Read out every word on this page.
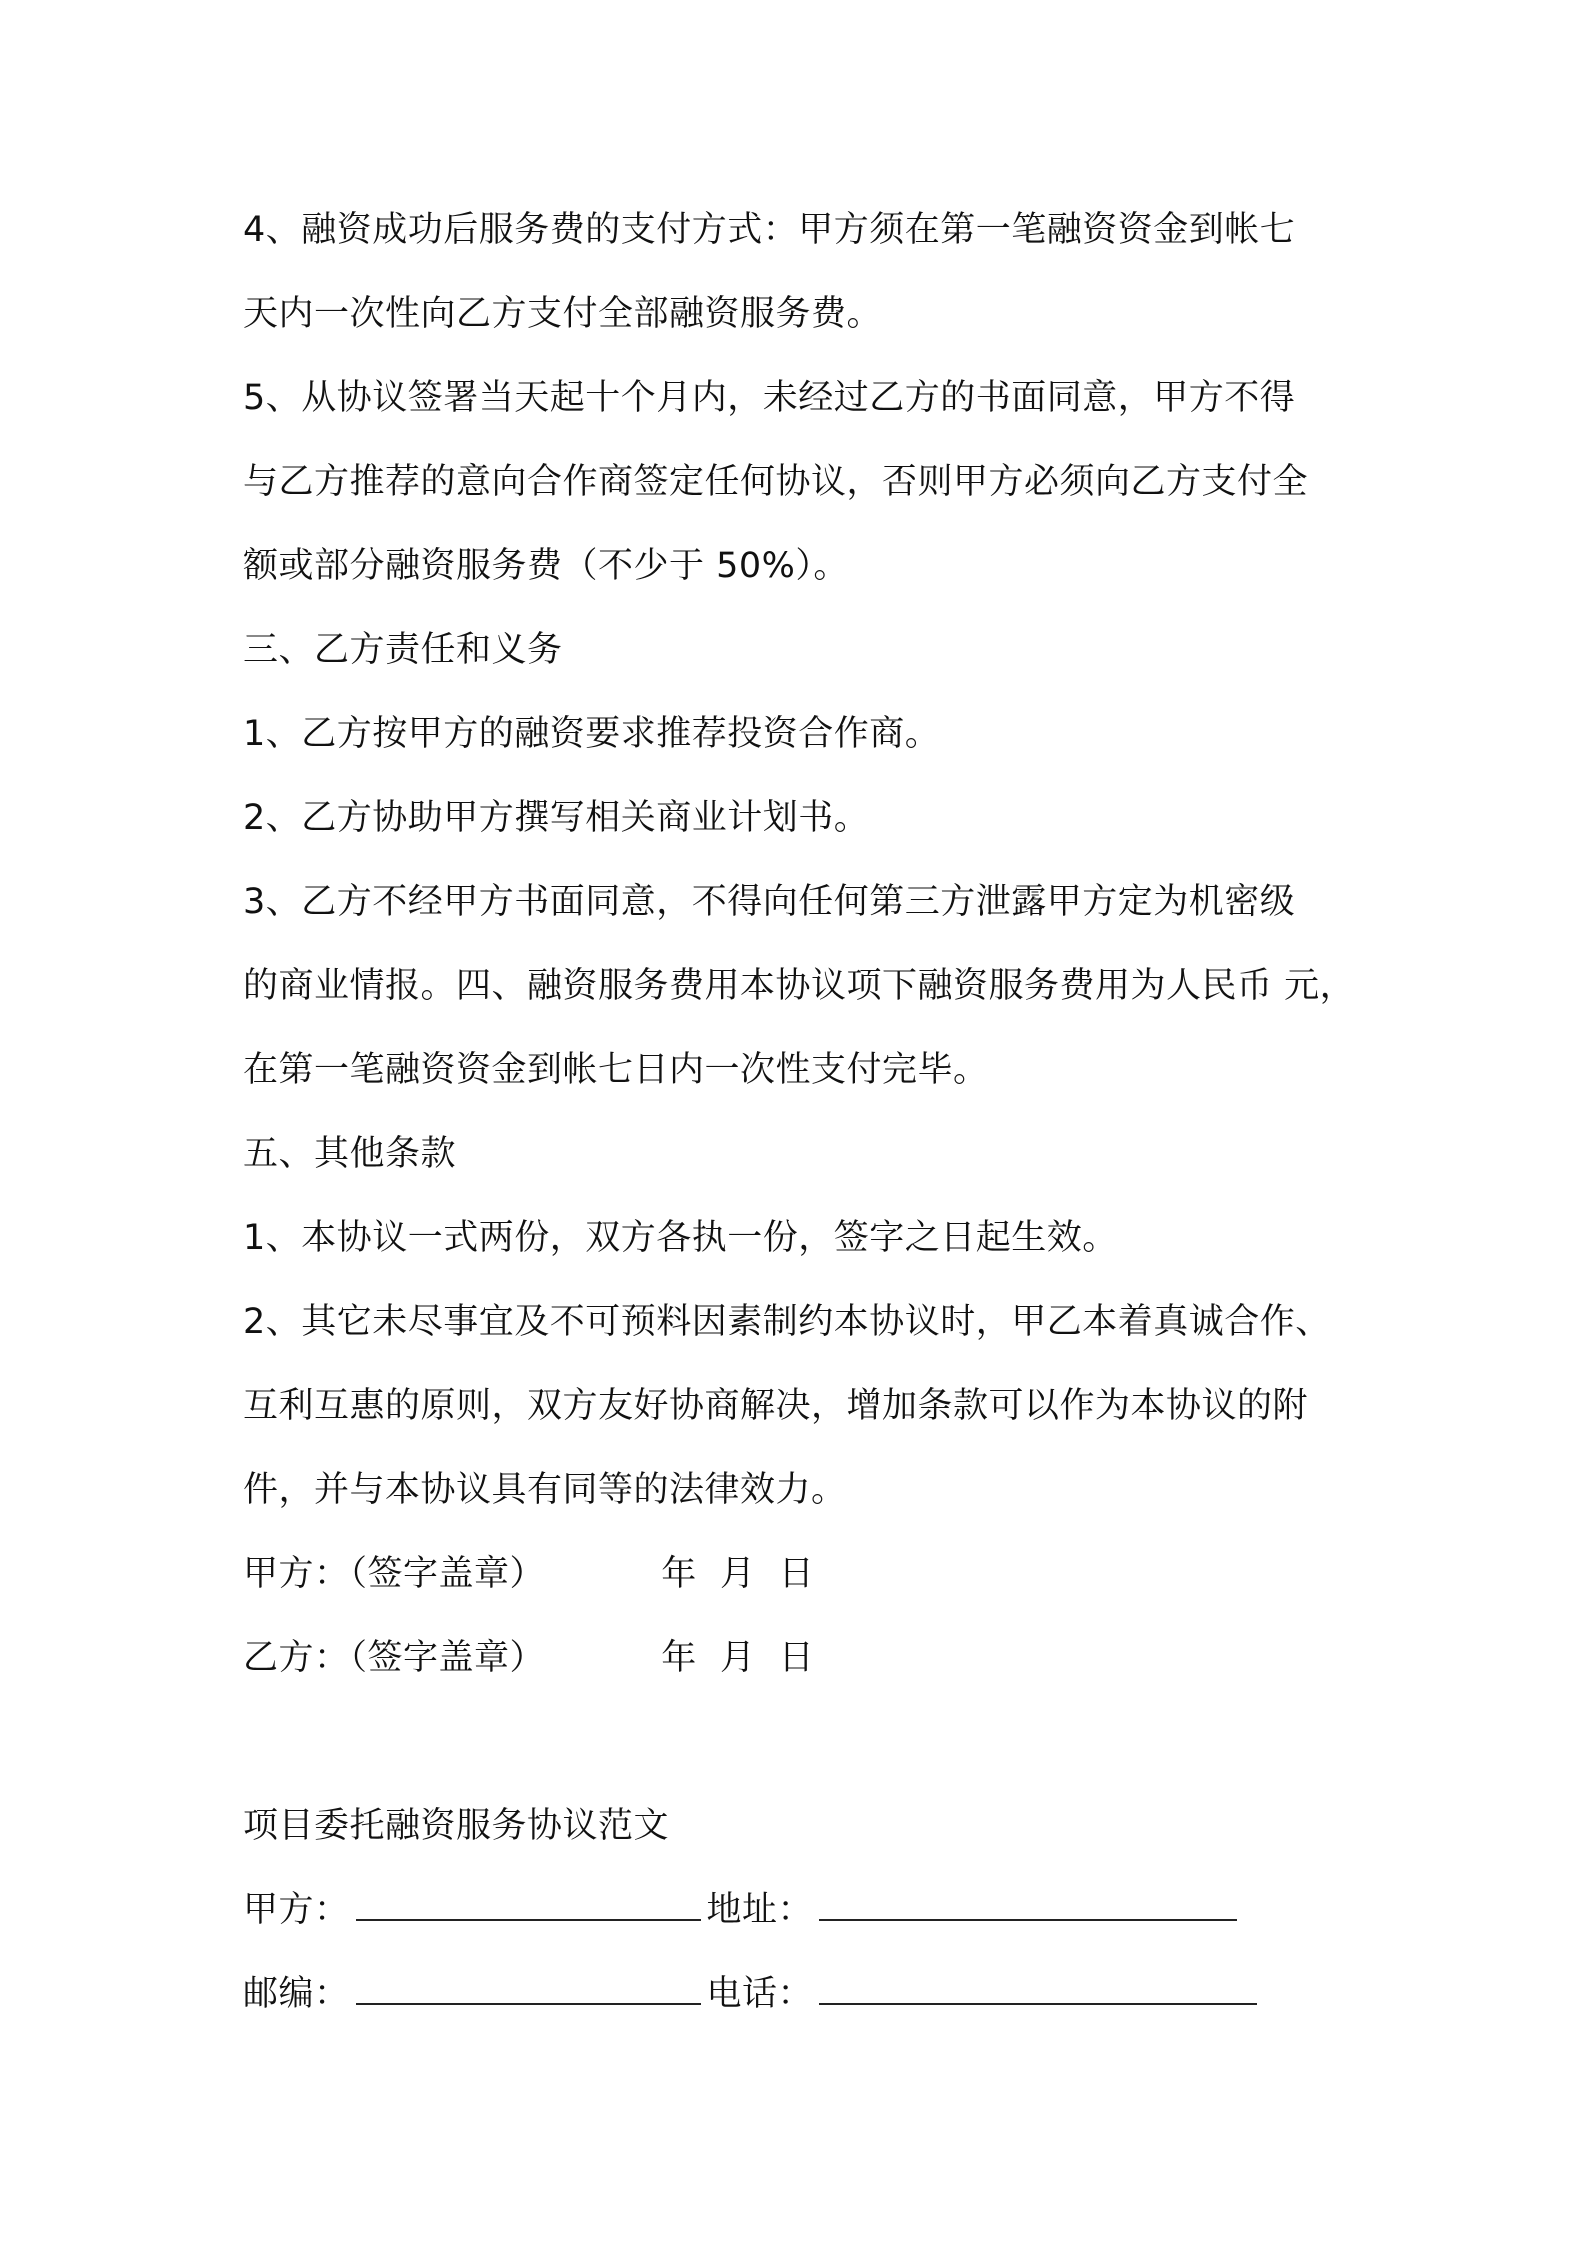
4、融资成功后服务费的支付方式：甲方须在第一笔融资资金到帐七
天内一次性向乙方支付全部融资服务费。
5、从协议签署当天起十个月内，未经过乙方的书面同意，甲方不得
与乙方推荐的意向合作商签定任何协议，否则甲方必须向乙方支付全
额或部分融资服务费（不少于 50%）。
三、乙方责任和义务
1、乙方按甲方的融资要求推荐投资合作商。
2、乙方协助甲方撰写相关商业计划书。
3、乙方不经甲方书面同意，不得向任何第三方泄露甲方定为机密级
的商业情报。四、融资服务费用本协议项下融资服务费用为人民币 元，
在第一笔融资资金到帐七日内一次性支付完毕。
五、其他条款
1、本协议一式两份，双方各执一份，签字之日起生效。
2、其它未尽事宜及不可预料因素制约本协议时，甲乙本着真诚合作、
互利互惠的原则，双方友好协商解决，增加条款可以作为本协议的附
件，并与本协议具有同等的法律效力。
甲方：（签字盖章）          年  月  日
乙方：（签字盖章）          年  月  日
项目委托融资服务协议范文
甲方：	地址：
邮编：	电话：
